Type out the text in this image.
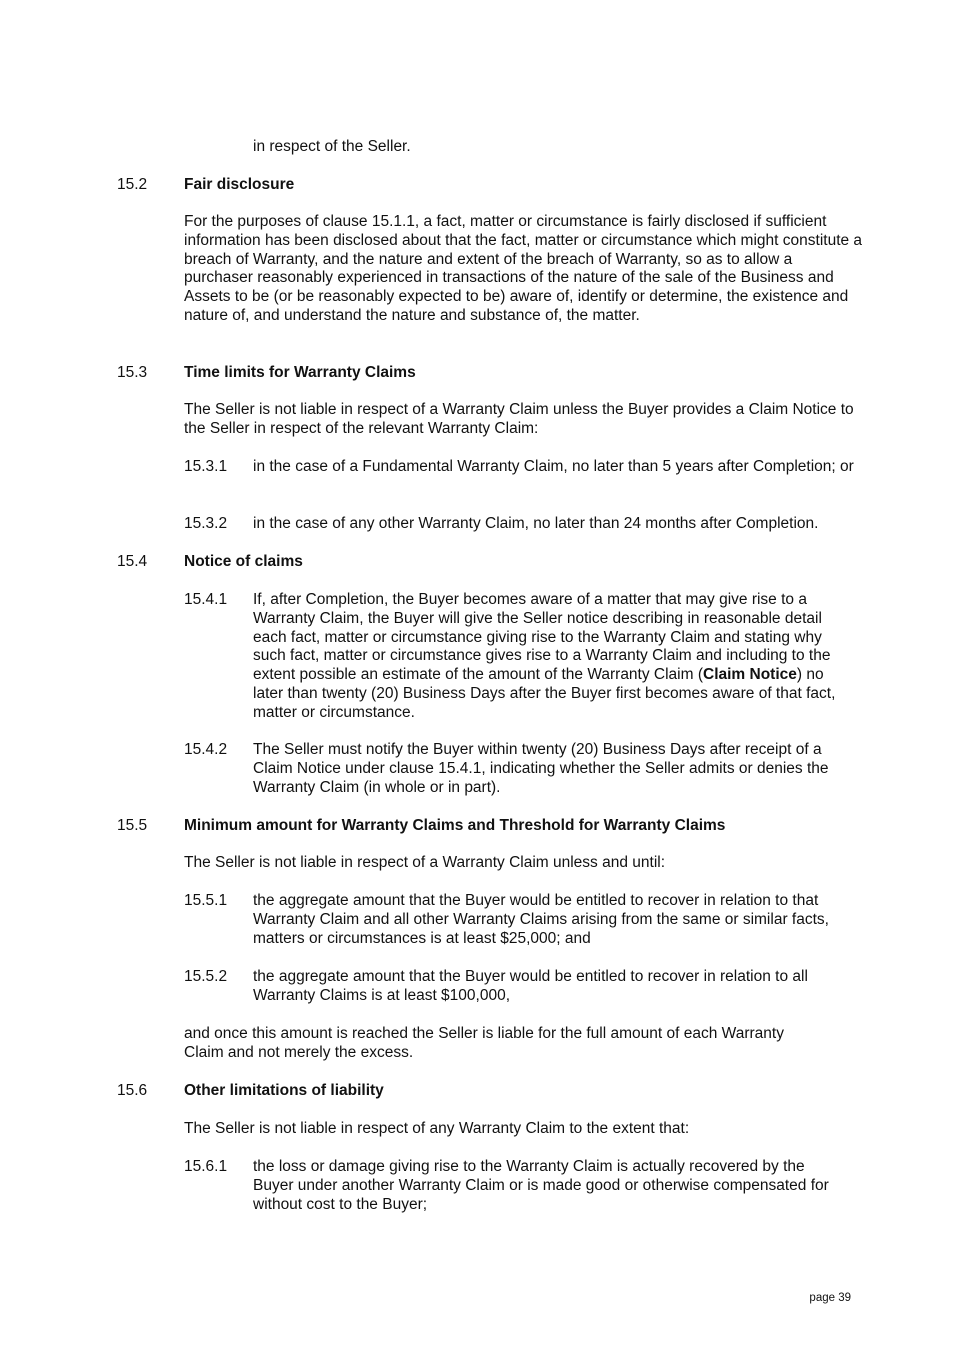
in respect of the Seller.

15.2 Fair disclosure

For the purposes of clause 15.1.1, a fact, matter or circumstance is fairly disclosed if sufficient information has been disclosed about that the fact, matter or circumstance which might constitute a breach of Warranty, and the nature and extent of the breach of Warranty, so as to allow a purchaser reasonably experienced in transactions of the nature of the sale of the Business and Assets to be (or be reasonably expected to be) aware of, identify or determine, the existence and nature of, and understand the nature and substance of, the matter.

15.3 Time limits for Warranty Claims

The Seller is not liable in respect of a Warranty Claim unless the Buyer provides a Claim Notice to the Seller in respect of the relevant Warranty Claim:

15.3.1 in the case of a Fundamental Warranty Claim, no later than 5 years after Completion; or

15.3.2 in the case of any other Warranty Claim, no later than 24 months after Completion.

15.4 Notice of claims

15.4.1 If, after Completion, the Buyer becomes aware of a matter that may give rise to a Warranty Claim, the Buyer will give the Seller notice describing in reasonable detail each fact, matter or circumstance giving rise to the Warranty Claim and stating why such fact, matter or circumstance gives rise to a Warranty Claim and including to the extent possible an estimate of the amount of the Warranty Claim (Claim Notice) no later than twenty (20) Business Days after the Buyer first becomes aware of that fact, matter or circumstance.

15.4.2 The Seller must notify the Buyer within twenty (20) Business Days after receipt of a Claim Notice under clause 15.4.1, indicating whether the Seller admits or denies the Warranty Claim (in whole or in part).

15.5 Minimum amount for Warranty Claims and Threshold for Warranty Claims

The Seller is not liable in respect of a Warranty Claim unless and until:

15.5.1 the aggregate amount that the Buyer would be entitled to recover in relation to that Warranty Claim and all other Warranty Claims arising from the same or similar facts, matters or circumstances is at least $25,000; and

15.5.2 the aggregate amount that the Buyer would be entitled to recover in relation to all Warranty Claims is at least $100,000,

and once this amount is reached the Seller is liable for the full amount of each Warranty Claim and not merely the excess.

15.6 Other limitations of liability

The Seller is not liable in respect of any Warranty Claim to the extent that:

15.6.1 the loss or damage giving rise to the Warranty Claim is actually recovered by the Buyer under another Warranty Claim or is made good or otherwise compensated for without cost to the Buyer;

page 39
